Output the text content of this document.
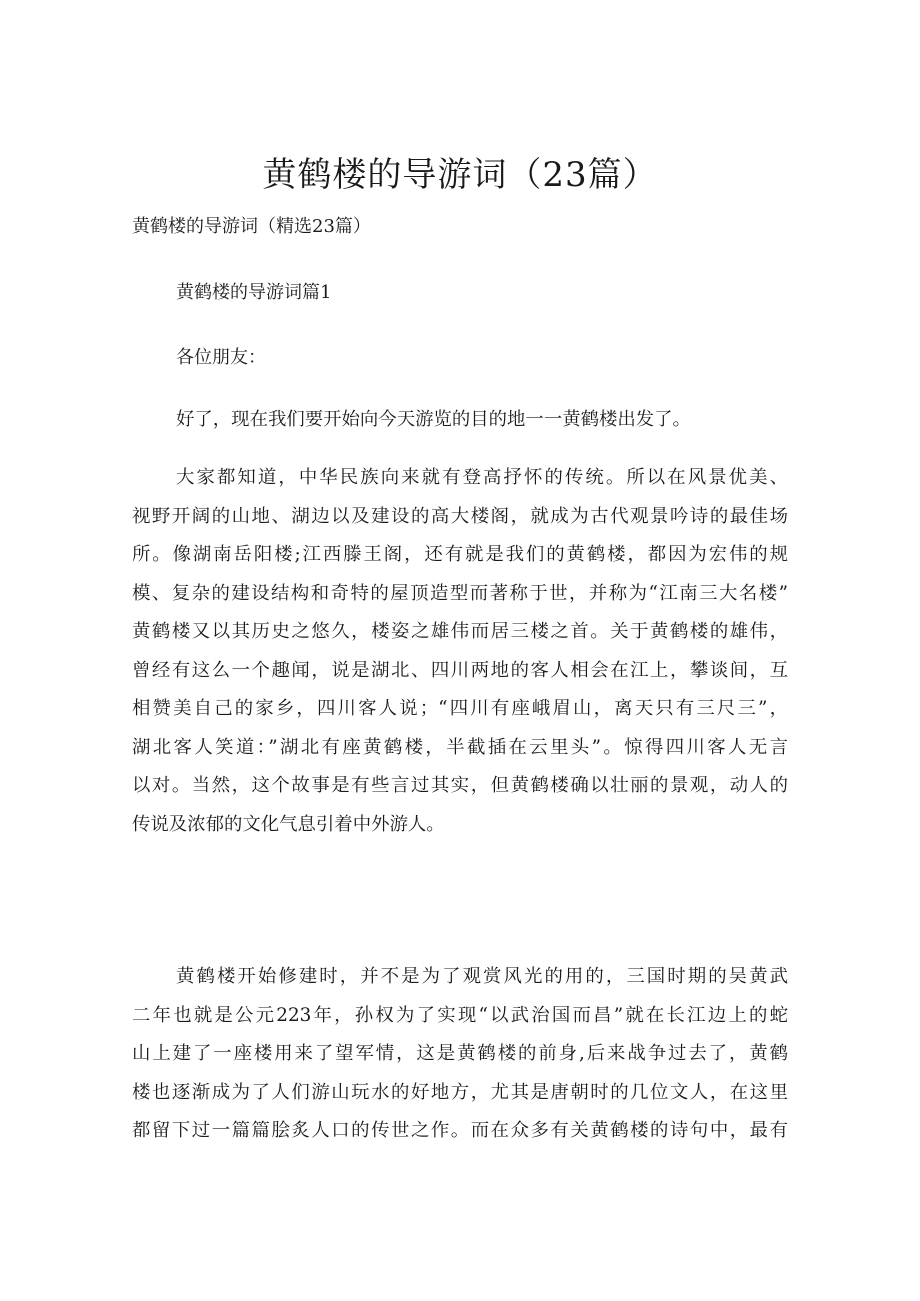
黄鹤楼的导游词（23篇）

黄鹤楼的导游词（精选23篇）

黄鹤楼的导游词篇1

各位朋友：

好了，现在我们要开始向今天游览的目的地一一黄鹤楼出发了。
大家都知道，中华民族向来就有登高抒怀的传统。所以在风景优美、
视野开阔的山地、湖边以及建设的高大楼阁，就成为古代观景吟诗的最佳场
所。像湖南岳阳楼;江西滕王阁，还有就是我们的黄鹤楼，都因为宏伟的规
模、复杂的建设结构和奇特的屋顶造型而著称于世，并称为“江南三大名楼”
黄鹤楼又以其历史之悠久，楼姿之雄伟而居三楼之首。关于黄鹤楼的雄伟，
曾经有这么一个趣闻，说是湖北、四川两地的客人相会在江上，攀谈间，互
相赞美自己的家乡，四川客人说；“四川有座峨眉山，离天只有三尺三”，
湖北客人笑道：”湖北有座黄鹤楼，半截插在云里头”。惊得四川客人无言
以对。当然，这个故事是有些言过其实，但黄鹤楼确以壮丽的景观，动人的
传说及浓郁的文化气息引着中外游人。
黄鹤楼开始修建时，并不是为了观赏风光的用的，三国时期的吴黄武
二年也就是公元223年，孙权为了实现“以武治国而昌”就在长江边上的蛇
山上建了一座楼用来了望军情，这是黄鹤楼的前身,后来战争过去了，黄鹤
楼也逐渐成为了人们游山玩水的好地方，尤其是唐朝时的几位文人，在这里
都留下过一篇篇脍炙人口的传世之作。而在众多有关黄鹤楼的诗句中，最有
